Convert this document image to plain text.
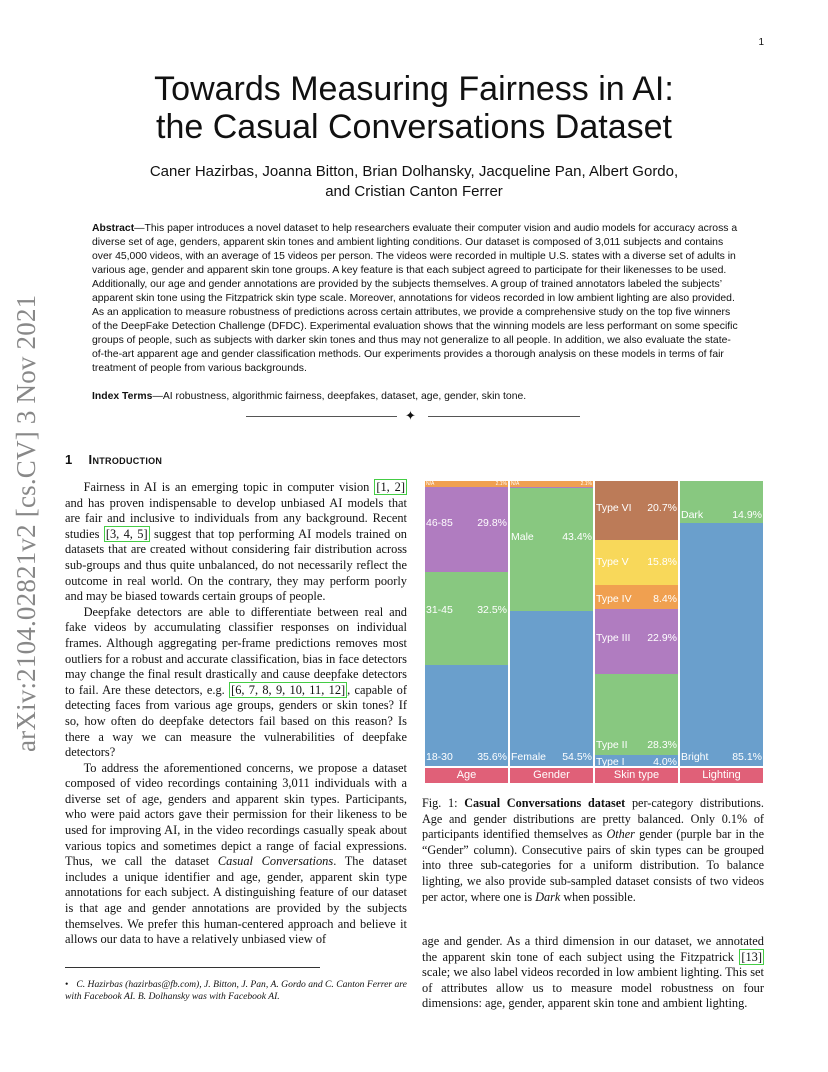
1
arXiv:2104.02821v2 [cs.CV] 3 Nov 2021
Towards Measuring Fairness in AI:
the Casual Conversations Dataset
Caner Hazirbas, Joanna Bitton, Brian Dolhansky, Jacqueline Pan, Albert Gordo,
and Cristian Canton Ferrer
Abstract—This paper introduces a novel dataset to help researchers evaluate their computer vision and audio models for accuracy across a diverse set of age, genders, apparent skin tones and ambient lighting conditions. Our dataset is composed of 3,011 subjects and contains over 45,000 videos, with an average of 15 videos per person. The videos were recorded in multiple U.S. states with a diverse set of adults in various age, gender and apparent skin tone groups. A key feature is that each subject agreed to participate for their likenesses to be used. Additionally, our age and gender annotations are provided by the subjects themselves. A group of trained annotators labeled the subjects’ apparent skin tone using the Fitzpatrick skin type scale. Moreover, annotations for videos recorded in low ambient lighting are also provided. As an application to measure robustness of predictions across certain attributes, we provide a comprehensive study on the top five winners of the DeepFake Detection Challenge (DFDC). Experimental evaluation shows that the winning models are less performant on some specific groups of people, such as subjects with darker skin tones and thus may not generalize to all people. In addition, we also evaluate the state-of-the-art apparent age and gender classification methods. Our experiments provides a thorough analysis on these models in terms of fair treatment of people from various backgrounds.
Index Terms—AI robustness, algorithmic fairness, deepfakes, dataset, age, gender, skin tone.
✦
1 Introduction

Fairness in AI is an emerging topic in computer vision [1, 2] and has proven indispensable to develop unbiased AI models that are fair and inclusive to individuals from any background. Recent studies [3, 4, 5] suggest that top performing AI models trained on datasets that are created without considering fair distribution across sub-groups and thus quite unbalanced, do not necessarily reflect the outcome in real world. On the contrary, they may perform poorly and may be biased towards certain groups of people.

Deepfake detectors are able to differentiate between real and fake videos by accumulating classifier responses on individual frames. Although aggregating per-frame predictions removes most outliers for a robust and accurate classification, bias in face detectors may change the final result drastically and cause deepfake detectors to fail. Are these detectors, e.g. [6, 7, 8, 9, 10, 11, 12] , capable of detecting faces from various age groups, genders or skin tones? If so, how often do deepfake detectors fail based on this reason? Is there a way we can measure the vulnerabilities of deepfake detectors?

To address the aforementioned concerns, we propose a dataset composed of video recordings containing 3,011 individuals with a diverse set of age, genders and apparent skin types. Participants, who were paid actors gave their permission for their likeness to be used for improving AI, in the video recordings casually speak about various topics and sometimes depict a range of facial expressions. Thus, we call the dataset Casual Conversations. The dataset includes a unique identifier and age, gender, apparent skin type annotations for each subject. A distinguishing feature of our dataset is that age and gender annotations are provided by the subjects themselves. We prefer this human-centered approach and believe it allows our data to have a relatively unbiased view of

• C. Hazirbas (hazirbas@fb.com), J. Bitton, J. Pan, A. Gordo and C. Canton Ferrer are with Facebook AI. B. Dolhansky was with Facebook AI.
18-30 35.6%
31-45 32.5%
46-85 29.8%
N/A	2.1%
Age
Female 54.5%
Male	43.4%
N/A	2.1%
Gender
Type I	4.0%
Type II 28.3%
Type III 22.9%
Type IV 8.4%
Type V 15.8%
Type VI 20.7%
Skin type
Bright 85.1%
Dark	14.9%
Lighting
Fig. 1: Casual Conversations dataset per-category distributions. Age and gender distributions are pretty balanced. Only 0.1% of participants identified themselves as Other gender (purple bar in the “Gender” column). Consecutive pairs of skin types can be grouped into three sub-categories for a uniform distribution. To balance lighting, we also provide sub-sampled dataset consists of two videos per actor, where one is Dark when possible.
age and gender. As a third dimension in our dataset, we annotated the apparent skin tone of each subject using the Fitzpatrick [13] scale; we also label videos recorded in low ambient lighting. This set of attributes allow us to measure model robustness on four dimensions: age, gender, apparent skin tone and ambient lighting.
